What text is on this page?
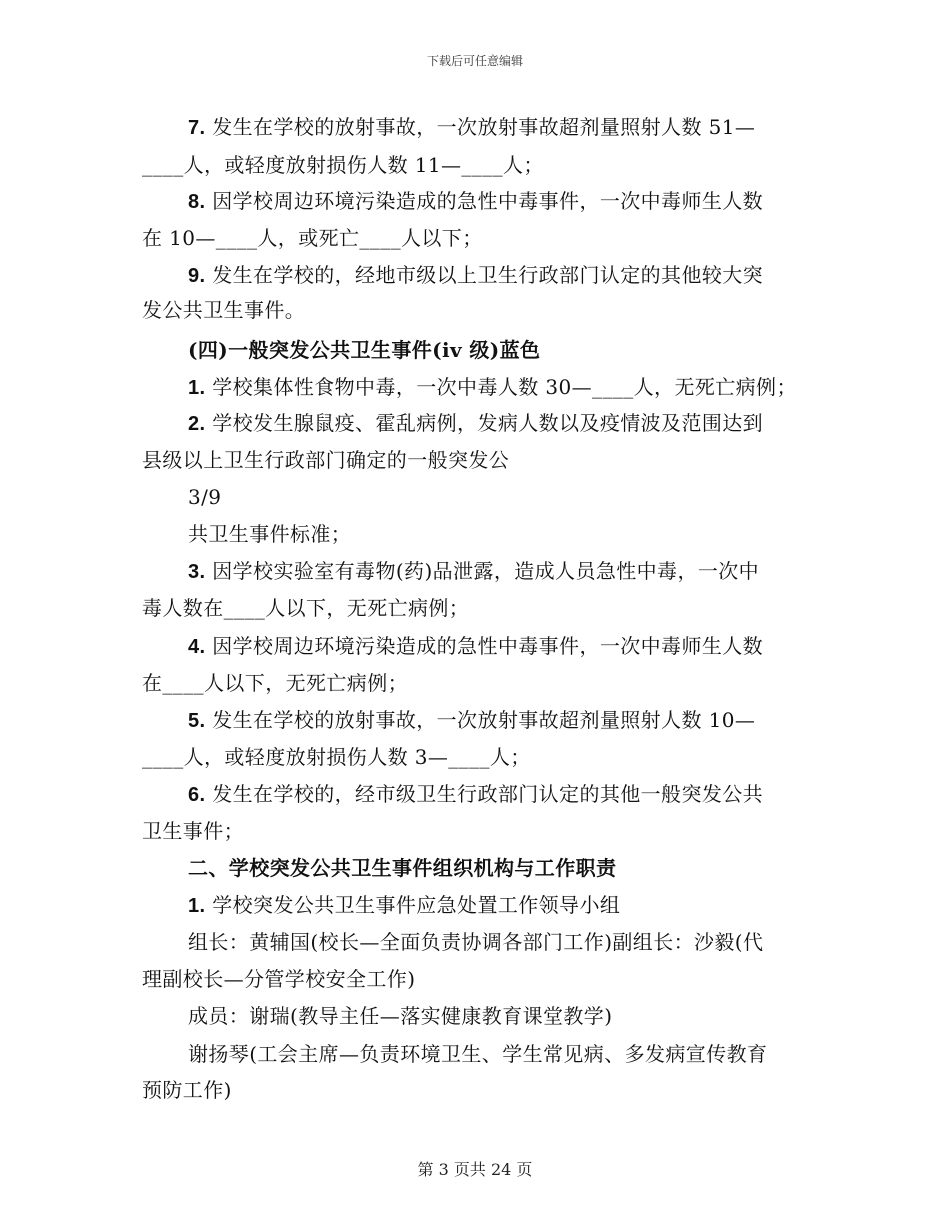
下载后可任意编辑
7. 发生在学校的放射事故，一次放射事故超剂量照射人数 51—
____人，或轻度放射损伤人数 11—____人；
8. 因学校周边环境污染造成的急性中毒事件，一次中毒师生人数
在 10—____人，或死亡____人以下；
9. 发生在学校的，经地市级以上卫生行政部门认定的其他较大突
发公共卫生事件。
(四)一般突发公共卫生事件(iv 级)蓝色
1. 学校集体性食物中毒，一次中毒人数 30—____人，无死亡病例；
2. 学校发生腺鼠疫、霍乱病例，发病人数以及疫情波及范围达到
县级以上卫生行政部门确定的一般突发公
3/9
共卫生事件标准；
3. 因学校实验室有毒物(药)品泄露，造成人员急性中毒，一次中
毒人数在____人以下，无死亡病例；
4. 因学校周边环境污染造成的急性中毒事件，一次中毒师生人数
在____人以下，无死亡病例；
5. 发生在学校的放射事故，一次放射事故超剂量照射人数 10—
____人，或轻度放射损伤人数 3—____人；
6. 发生在学校的，经市级卫生行政部门认定的其他一般突发公共
卫生事件；
二、学校突发公共卫生事件组织机构与工作职责
1. 学校突发公共卫生事件应急处置工作领导小组
组长：黄辅国(校长—全面负责协调各部门工作)副组长：沙毅(代
理副校长—分管学校安全工作)
成员：谢瑞(教导主任—落实健康教育课堂教学)
谢扬琴(工会主席—负责环境卫生、学生常见病、多发病宣传教育
预防工作)
第 3 页共 24 页
